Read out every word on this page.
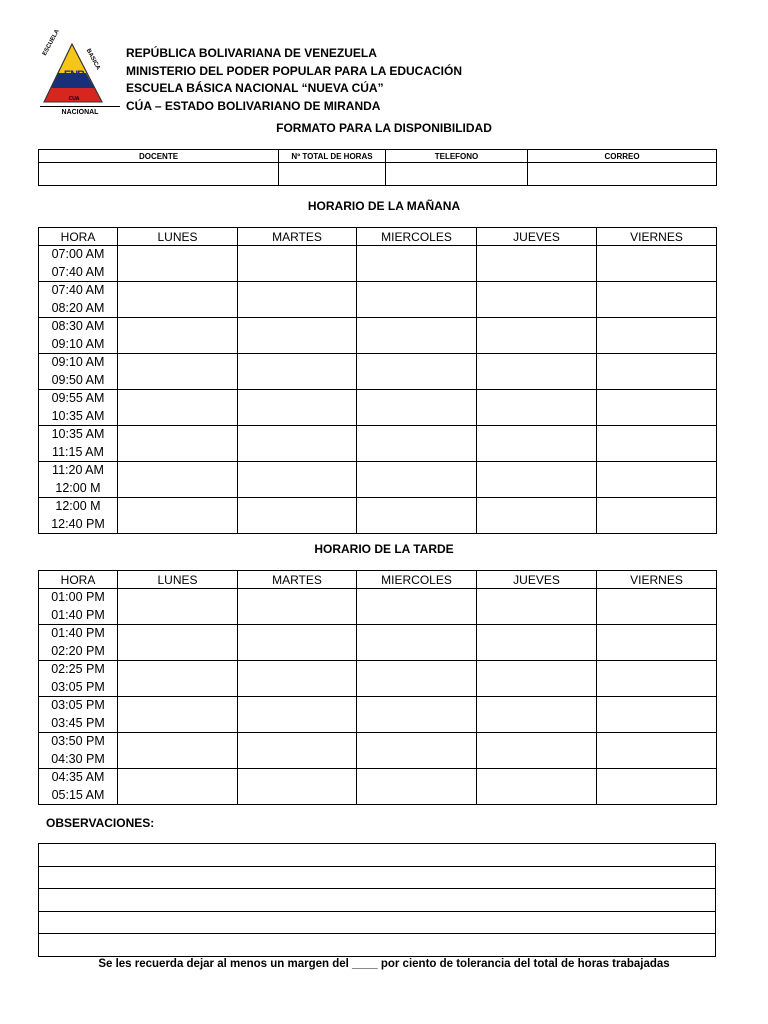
ESCUELA
BASICA
ENB
CUA
NACIONAL
REPÚBLICA BOLIVARIANA DE VENEZUELA
MINISTERIO DEL PODER POPULAR PARA LA EDUCACIÓN
ESCUELA BÁSICA NACIONAL “NUEVA CÚA”
CÚA – ESTADO BOLIVARIANO DE MIRANDA
FORMATO PARA LA DISPONIBILIDAD
DOCENTE	Nº TOTAL DE HORAS	TELEFONO	CORREO

HORARIO DE LA MAÑANA
HORA	LUNES	MARTES	MIERCOLES	JUEVES	VIERNES

07:00 AM
07:40 AM					

07:40 AM
08:20 AM					

08:30 AM
09:10 AM					

09:10 AM
09:50 AM					

09:55 AM
10:35 AM					

10:35 AM
11:15 AM					

11:20 AM
12:00 M					

12:00 M
12:40 PM					

HORARIO DE LA TARDE
HORA	LUNES	MARTES	MIERCOLES	JUEVES	VIERNES

01:00 PM
01:40 PM					

01:40 PM
02:20 PM					

02:25 PM
03:05 PM					

03:05 PM
03:45 PM					

03:50 PM
04:30 PM					

04:35 AM
05:15 AM					

OBSERVACIONES:

Se les recuerda dejar al menos un margen del ____ por ciento de tolerancia del total de horas trabajadas
